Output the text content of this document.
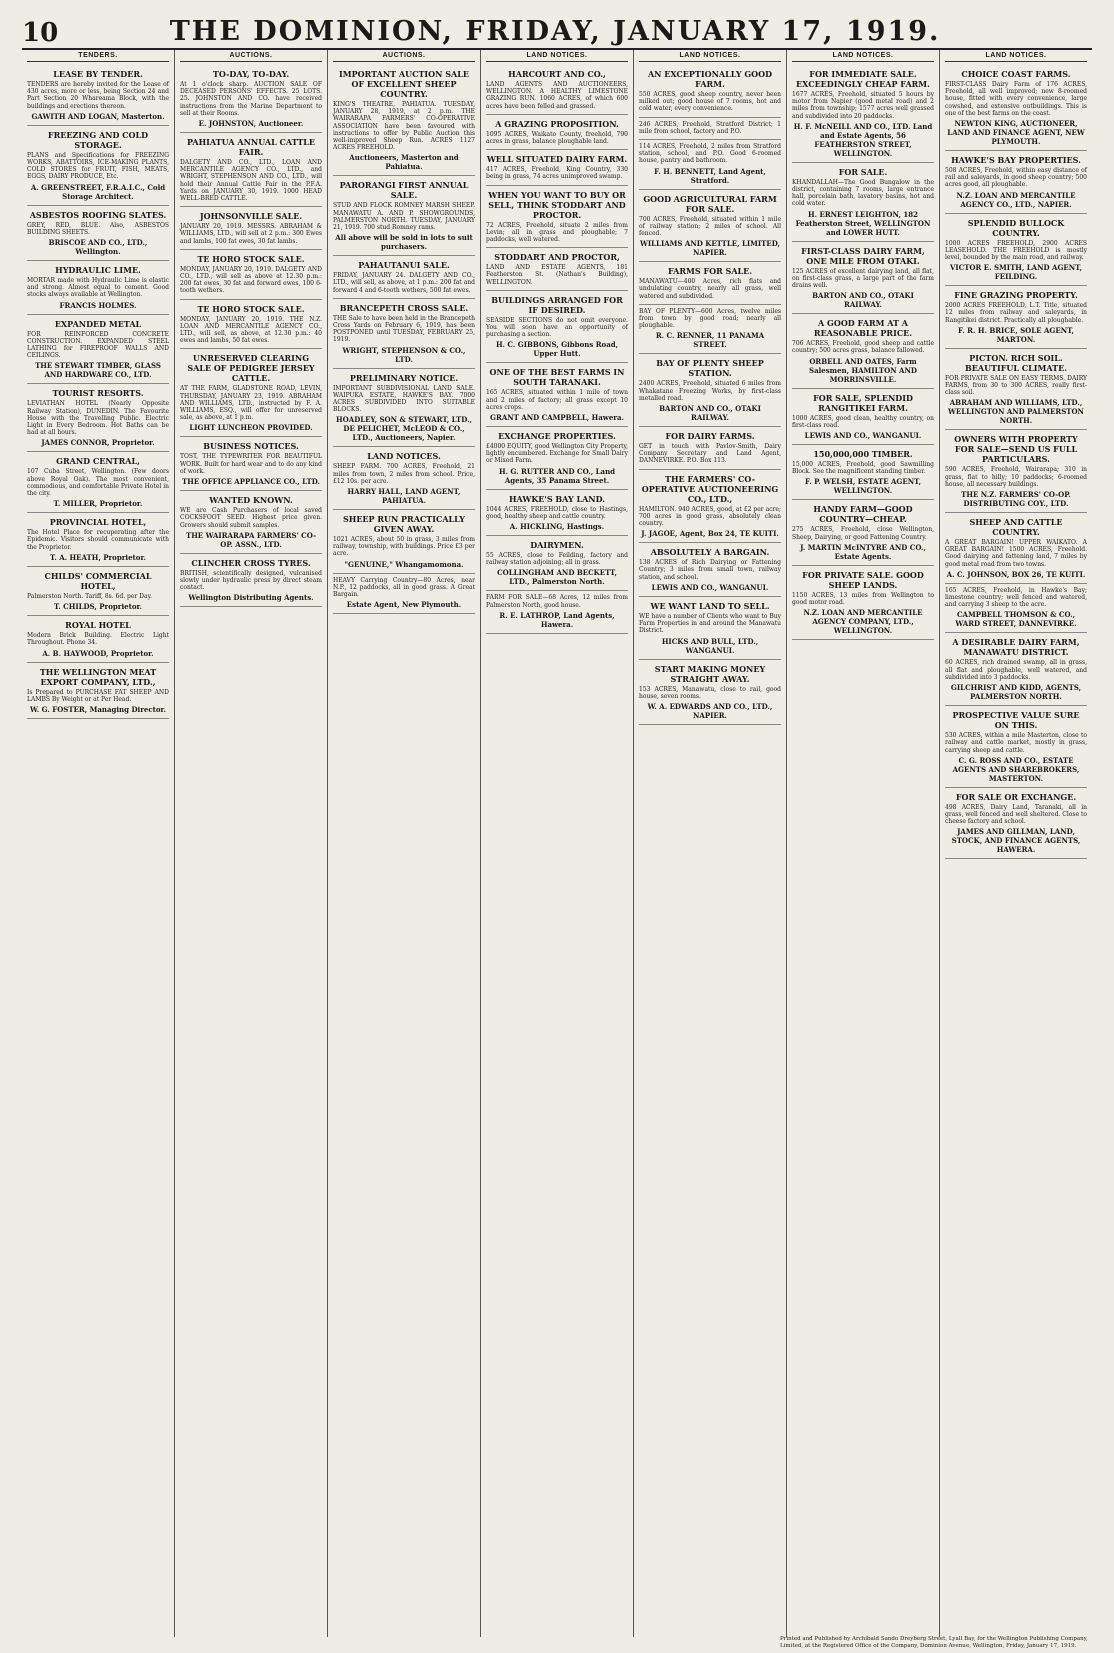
10	THE DOMINION, FRIDAY, JANUARY 17, 1919.
TENDERS.
LEASE BY TENDER.

TENDERS are hereby invited for the Lease of 430 acres, more or less, being Section 24 and Part Section 20 Whareama Block, with the buildings and erections thereon.

GAWITH AND LOGAN, Masterton.

FREEZING AND COLD STORAGE.

PLANS and Specifications for FREEZING WORKS, ABATTOIRS, ICE-MAKING PLANTS, COLD STORES for FRUIT, FISH, MEATS, EGGS, DAIRY PRODUCE, Etc.

A. GREENSTREET, F.R.A.I.C., Cold Storage Architect.

ASBESTOS ROOFING SLATES.

GREY, RED, BLUE. Also, ASBESTOS BUILDING SHEETS.

BRISCOE AND CO., LTD., Wellington.

HYDRAULIC LIME.

MORTAR made with Hydraulic Lime is elastic and strong. Almost equal to cement. Good stocks always available at Wellington.

FRANCIS HOLMES.

EXPANDED METAL

FOR REINFORCED CONCRETE CONSTRUCTION. EXPANDED STEEL LATHING for FIREPROOF WALLS AND CEILINGS.

THE STEWART TIMBER, GLASS AND HARDWARE CO., LTD.

TOURIST RESORTS.

LEVIATHAN HOTEL (Nearly Opposite Railway Station), DUNEDIN. The Favourite House with the Travelling Public. Electric Light in Every Bedroom. Hot Baths can be had at all hours.

JAMES CONNOR, Proprietor.

GRAND CENTRAL,

107 Cuba Street, Wellington. (Few doors above Royal Oak). The most convenient, commodious, and comfortable Private Hotel in the city.

T. MILLER, Proprietor.

PROVINCIAL HOTEL,

The Hotel Place for recuperating after the Epidemic. Visitors should communicate with the Proprietor.

T. A. HEATH, Proprietor.

CHILDS' COMMERCIAL HOTEL,

Palmerston North. Tariff, 8s. 6d. per Day.

T. CHILDS, Proprietor.

ROYAL HOTEL

Modern Brick Building. Electric Light Throughout. Phone 34.

A. B. HAYWOOD, Proprietor.

THE WELLINGTON MEAT EXPORT COMPANY, LTD.,

Is Prepared to PURCHASE FAT SHEEP AND LAMBS By Weight or at Per Head.

W. G. FOSTER, Managing Director.

AUCTIONS.
TO-DAY, TO-DAY.

At 1 o'clock sharp. AUCTION SALE OF DECEASED PERSONS' EFFECTS. 25 LOTS. 25. JOHNSTON AND CO. have received instructions from the Marine Department to sell at their Rooms.

E. JOHNSTON, Auctioneer.

PAHIATUA ANNUAL CATTLE FAIR.

DALGETY AND CO., LTD., LOAN AND MERCANTILE AGENCY CO., LTD., and WRIGHT, STEPHENSON AND CO., LTD., will hold their Annual Cattle Fair in the P.F.A. Yards on JANUARY 30, 1919. 1000 HEAD WELL-BRED CATTLE.

JOHNSONVILLE SALE.

JANUARY 20, 1919. MESSRS. ABRAHAM & WILLIAMS, LTD., will sell at 2 p.m.: 300 Ewes and lambs, 100 fat ewes, 30 fat lambs.

TE HORO STOCK SALE.

MONDAY, JANUARY 20, 1919. DALGETY AND CO., LTD., will sell as above at 12.30 p.m.: 200 fat ewes, 30 fat and forward ewes, 100 6-tooth wethers.

TE HORO STOCK SALE.

MONDAY, JANUARY 20, 1919. THE N.Z. LOAN AND MERCANTILE AGENCY CO., LTD., will sell, as above, at 12.30 p.m.: 40 ewes and lambs, 50 fat ewes.

UNRESERVED CLEARING SALE OF PEDIGREE JERSEY CATTLE.

AT THE FARM, GLADSTONE ROAD, LEVIN, THURSDAY, JANUARY 23, 1919. ABRAHAM AND WILLIAMS, LTD., instructed by F. A. WILLIAMS, ESQ., will offer for unreserved sale, as above, at 1 p.m.

LIGHT LUNCHEON PROVIDED.

BUSINESS NOTICES.

TOST, THE TYPEWRITER FOR BEAUTIFUL WORK. Built for hard wear and to do any kind of work.

THE OFFICE APPLIANCE CO., LTD.

WANTED KNOWN.

WE are Cash Purchasers of local saved COCKSFOOT SEED. Highest price given. Growers should submit samples.

THE WAIRARAPA FARMERS' CO-OP. ASSN., LTD.

CLINCHER CROSS TYRES.

BRITISH, scientifically designed, vulcanised slowly under hydraulic press by direct steam contact.

Wellington Distributing Agents.

AUCTIONS.
IMPORTANT AUCTION SALE OF EXCELLENT SHEEP COUNTRY.

KING'S THEATRE, PAHIATUA. TUESDAY, JANUARY 28, 1919, at 2 p.m. THE WAIRARAPA FARMERS' CO-OPERATIVE ASSOCIATION have been favoured with instructions to offer by Public Auction this well-improved Sheep Run. ACRES 1127 ACRES FREEHOLD.

Auctioneers, Masterton and Pahiatua.

PARORANGI FIRST ANNUAL SALE.

STUD AND FLOCK ROMNEY MARSH SHEEP. MANAWATU A. AND P. SHOWGROUNDS, PALMERSTON NORTH. TUESDAY, JANUARY 21, 1919. 700 stud Romney rams.

All above will be sold in lots to suit purchasers.

PAHAUTANUI SALE.

FRIDAY, JANUARY 24. DALGETY AND CO., LTD., will sell, as above, at 1 p.m.: 200 fat and forward 4 and 6-tooth wethers, 500 fat ewes.

BRANCEPETH CROSS SALE.

THE Sale to have been held in the Brancepeth Cross Yards on February 6, 1919, has been POSTPONED until TUESDAY, FEBRUARY 25, 1919.

WRIGHT, STEPHENSON & CO., LTD.

PRELIMINARY NOTICE.

IMPORTANT SUBDIVISIONAL LAND SALE. WAIPUKA ESTATE, HAWKE'S BAY. 7000 ACRES SUBDIVIDED INTO SUITABLE BLOCKS.

HOADLEY, SON & STEWART, LTD., DE PELICHET, McLEOD & CO., LTD., Auctioneers, Napier.

LAND NOTICES.

SHEEP FARM. 700 ACRES, Freehold, 21 miles from town, 2 miles from school. Price, £12 10s. per acre.

HARRY HALL, LAND AGENT, PAHIATUA.

SHEEP RUN PRACTICALLY GIVEN AWAY.

1021 ACRES, about 50 in grass, 3 miles from railway, township, with buildings. Price £3 per acre.

"GENUINE," Whangamomona.

HEAVY Carrying Country—80 Acres, near N.P., 12 paddocks, all in good grass. A Great Bargain.

Estate Agent, New Plymouth.

LAND NOTICES.
HARCOURT AND CO.,

LAND AGENTS AND AUCTIONEERS, WELLINGTON. A HEALTHY LIMESTONE GRAZING RUN. 1060 ACRES, of which 600 acres have been felled and grassed.

A GRAZING PROPOSITION.

1095 ACRES, Waikato County, freehold, 790 acres in grass, balance ploughable land.

WELL SITUATED DAIRY FARM.

417 ACRES, Freehold, King Country, 330 being in grass, 74 acres unimproved swamp.

WHEN YOU WANT TO BUY OR SELL, THINK STODDART AND PROCTOR.

72 ACRES, Freehold, situate 2 miles from Levin; all in grass and ploughable; 7 paddocks, well watered.

STODDART AND PROCTOR,

LAND AND ESTATE AGENTS, 181 Featherston St. (Nathan's Building), WELLINGTON.

BUILDINGS ARRANGED FOR IF DESIRED.

SEASIDE SECTIONS do not omit everyone. You will soon have an opportunity of purchasing a section.

H. C. GIBBONS, Gibbons Road, Upper Hutt.

ONE OF THE BEST FARMS IN SOUTH TARANAKI.

165 ACRES, situated within 1 mile of town and 2 miles of factory; all grass except 10 acres crops.

GRANT AND CAMPBELL, Hawera.

EXCHANGE PROPERTIES.

£4000 EQUITY, good Wellington City Property, lightly encumbered. Exchange for Small Dairy or Mixed Farm.

H. G. RUTTER AND CO., Land Agents, 35 Panama Street.

HAWKE'S BAY LAND.

1044 ACRES, FREEHOLD, close to Hastings, good, healthy sheep and cattle country.

A. HICKLING, Hastings.

DAIRYMEN.

55 ACRES, close to Feilding, factory and railway station adjoining; all in grass.

COLLINGHAM AND BECKETT, LTD., Palmerston North.

FARM FOR SALE—68 Acres, 12 miles from Palmerston North, good house.

R. E. LATHROP, Land Agents, Hawera.

LAND NOTICES.
AN EXCEPTIONALLY GOOD FARM.

550 ACRES, good sheep country, never been milked out; good house of 7 rooms, hot and cold water, every convenience.

246 ACRES, Freehold, Stratford District; 1 mile from school, factory and P.O.

114 ACRES, Freehold, 2 miles from Stratford station, school, and P.O. Good 6-roomed house, pantry and bathroom.

F. H. BENNETT, Land Agent, Stratford.

GOOD AGRICULTURAL FARM FOR SALE.

700 ACRES, Freehold, situated within 1 mile of railway station; 2 miles of school. All fenced.

WILLIAMS AND KETTLE, LIMITED, NAPIER.

FARMS FOR SALE.

MANAWATU—400 Acres, rich flats and undulating country, nearly all grass, well watered and subdivided.

BAY OF PLENTY—600 Acres, twelve miles from town by good road; nearly all ploughable.

R. C. RENNER, 11 PANAMA STREET.

BAY OF PLENTY SHEEP STATION.

2400 ACRES, Freehold, situated 6 miles from Whakatane Freezing Works, by first-class metalled road.

BARTON AND CO., OTAKI RAILWAY.

FOR DAIRY FARMS.

GET in touch with Pavlov-Smith, Dairy Company Secretary and Land Agent, DANNEVIRKE. P.O. Box 113.

THE FARMERS' CO-OPERATIVE AUCTIONEERING CO., LTD.,

HAMILTON. 940 ACRES, good, at £2 per acre; 700 acres in good grass, absolutely clean country.

J. JAGOE, Agent, Box 24, TE KUITI.

ABSOLUTELY A BARGAIN.

138 ACRES of Rich Dairying or Fattening Country; 3 miles from small town, railway station, and school.

LEWIS AND CO., WANGANUI.

WE WANT LAND TO SELL.

WE have a number of Clients who want to Buy Farm Properties in and around the Manawatu District.

HICKS AND BULL, LTD., WANGANUI.

START MAKING MONEY STRAIGHT AWAY.

153 ACRES, Manawatu, close to rail, good house, seven rooms.

W. A. EDWARDS AND CO., LTD., NAPIER.

LAND NOTICES.
FOR IMMEDIATE SALE. EXCEEDINGLY CHEAP FARM.

1677 ACRES, Freehold, situated 5 hours by motor from Napier (good metal road) and 2 miles from township; 1577 acres well grassed and subdivided into 20 paddocks.

H. F. McNEILL AND CO., LTD. Land and Estate Agents, 56 FEATHERSTON STREET, WELLINGTON.

FOR SALE.

KHANDALLAH—The Good Bungalow in the district, containing 7 rooms, large entrance hall, porcelain bath, lavatory basins, hot and cold water.

H. ERNEST LEIGHTON, 182 Featherston Street, WELLINGTON and LOWER HUTT.

FIRST-CLASS DAIRY FARM, ONE MILE FROM OTAKI.

125 ACRES of excellent dairying land, all flat, on first-class grass, a large part of the farm drains well.

BARTON AND CO., OTAKI RAILWAY.

A GOOD FARM AT A REASONABLE PRICE.

706 ACRES, Freehold, good sheep and cattle country; 500 acres grass, balance fallowed.

ORBELL AND OATES, Farm Salesmen, HAMILTON AND MORRINSVILLE.

FOR SALE, SPLENDID RANGITIKEI FARM.

1000 ACRES, good clean, healthy country, on first-class road.

LEWIS AND CO., WANGANUI.

150,000,000 TIMBER.

15,000 ACRES, Freehold, good Sawmilling Block. See the magnificent standing timber.

F. P. WELSH, ESTATE AGENT, WELLINGTON.

HANDY FARM—GOOD COUNTRY—CHEAP.

275 ACRES, Freehold, close Wellington, Sheep, Dairying, or good Fattening Country.

J. MARTIN McINTYRE AND CO., Estate Agents.

FOR PRIVATE SALE. GOOD SHEEP LANDS.

1150 ACRES, 13 miles from Wellington to good motor road.

N.Z. LOAN AND MERCANTILE AGENCY COMPANY, LTD., WELLINGTON.

LAND NOTICES.
CHOICE COAST FARMS.

FIRST-CLASS Dairy Farm of 176 ACRES, Freehold, all well improved; new 8-roomed house, fitted with every convenience, large cowshed, and extensive outbuildings. This is one of the best farms on the coast.

NEWTON KING, AUCTIONEER, LAND AND FINANCE AGENT, NEW PLYMOUTH.

HAWKE'S BAY PROPERTIES.

508 ACRES, Freehold, within easy distance of rail and saleyards, in good sheep country; 500 acres good, all ploughable.

N.Z. LOAN AND MERCANTILE AGENCY CO., LTD., NAPIER.

SPLENDID BULLOCK COUNTRY.

1000 ACRES FREEHOLD, 2900 ACRES LEASEHOLD. THE FREEHOLD is mostly level, bounded by the main road, and railway.

VICTOR E. SMITH, LAND AGENT, FEILDING.

FINE GRAZING PROPERTY.

2000 ACRES FREEHOLD, L.T. Title, situated 12 miles from railway and saleyards, in Rangitikei district. Practically all ploughable.

F. R. H. BRICE, SOLE AGENT, MARTON.

PICTON. RICH SOIL. BEAUTIFUL CLIMATE.

FOR PRIVATE SALE ON EASY TERMS. DAIRY FARMS, from 30 to 300 ACRES, really first-class soil.

ABRAHAM AND WILLIAMS, LTD., WELLINGTON AND PALMERSTON NORTH.

OWNERS WITH PROPERTY FOR SALE—SEND US FULL PARTICULARS.

590 ACRES, Freehold, Wairarapa; 310 in grass, flat to hilly; 10 paddocks; 6-roomed house, all necessary buildings.

THE N.Z. FARMERS' CO-OP. DISTRIBUTING COY., LTD.

SHEEP AND CATTLE COUNTRY.

A GREAT BARGAIN! UPPER WAIKATO. A GREAT BARGAIN! 1500 ACRES, Freehold. Good dairying and fattening land, 7 miles by good metal road from two towns.

A. C. JOHNSON, BOX 26, TE KUITI.

165 ACRES, Freehold, in Hawke's Bay; limestone country; well fenced and watered, and carrying 3 sheep to the acre.

CAMPBELL THOMSON & CO., WARD STREET, DANNEVIRKE.

A DESIRABLE DAIRY FARM, MANAWATU DISTRICT.

60 ACRES, rich drained swamp, all in grass, all flat and ploughable, well watered, and subdivided into 3 paddocks.

GILCHRIST AND KIDD, AGENTS, PALMERSTON NORTH.

PROSPECTIVE VALUE SURE ON THIS.

530 ACRES, within a mile Masterton, close to railway and cattle market, mostly in grass, carrying sheep and cattle.

C. G. ROSS AND CO., ESTATE AGENTS AND SHAREBROKERS, MASTERTON.

FOR SALE OR EXCHANGE.

498 ACRES, Dairy Land, Taranaki, all in grass, well fenced and well sheltered. Close to cheese factory and school.

JAMES AND GILLMAN, LAND, STOCK, AND FINANCE AGENTS, HAWERA.

Printed and Published by Archibald Sando Dreyberg Street, Lyall Bay, for the Wellington Publishing Company, Limited, at the Registered Office of the Company, Dominion Avenue, Wellington, Friday, January 17, 1919.
